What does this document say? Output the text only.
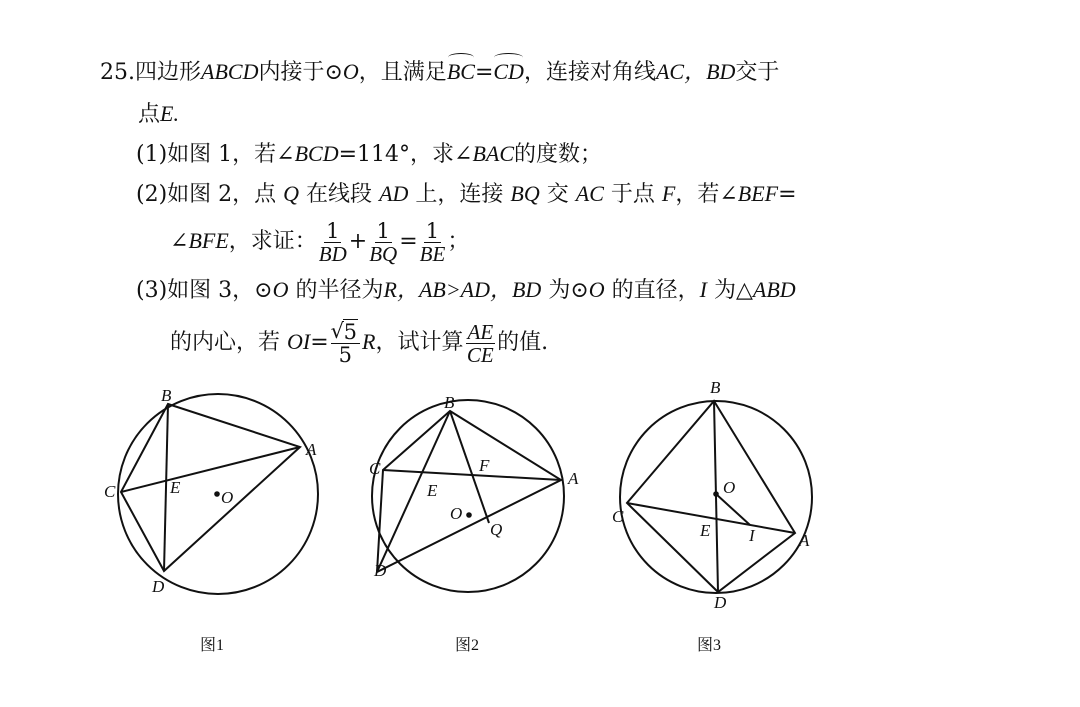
25.四边形ABCD内接于⊙O，且满足BC=CD，连接对角线AC，BD交于
点E.
(1)如图 1，若∠BCD=114°，求∠BAC的度数；
(2)如图 2，点 Q 在线段 AD 上，连接 BQ 交 AC 于点 F，若∠BEF=
∠BFE，求证： $\frac{1}{BD} + \frac{1}{BQ} = \frac{1}{BE}$ ；
(3)如图 3，⊙O 的半径为R，AB>AD，BD 为⊙O 的直径，I 为△ABD
的内心，若 OI=
√ $\frac{5}{5}$ R，试计算 $\frac{AE}{CE}$ 的值.
B
A
C	E
O
D
图1
B
C	F
A
E
O
Q
D
图2
B
O
C
E I	A
D
图3
